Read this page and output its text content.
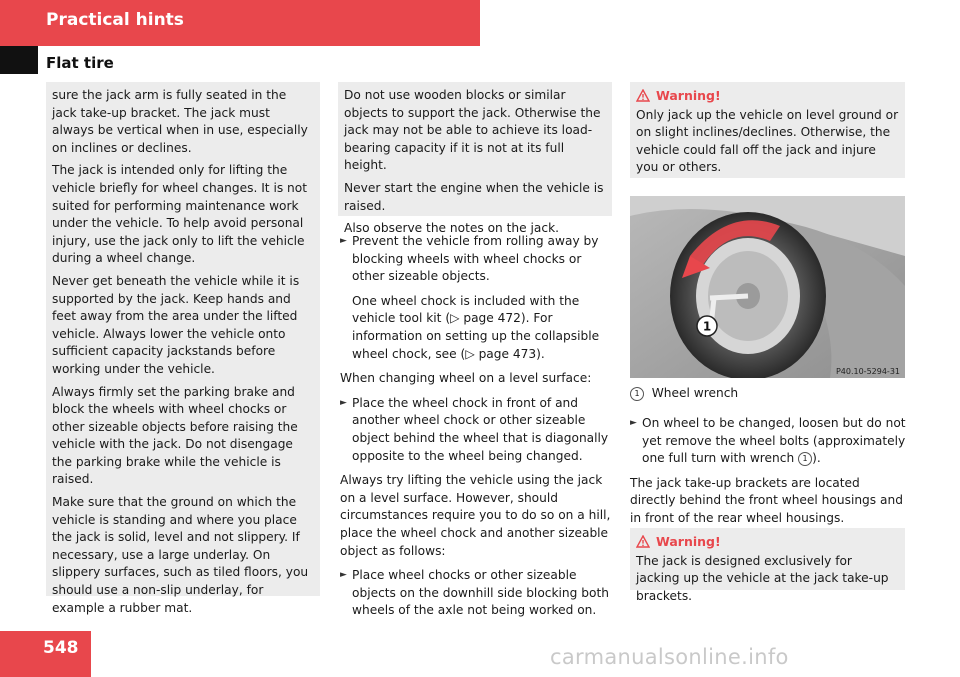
Practical hints
Flat tire

sure the jack arm is fully seated in the jack take-up bracket. The jack must always be vertical when in use, especially on inclines or declines.

The jack is intended only for lifting the vehicle briefly for wheel changes. It is not suited for performing maintenance work under the vehicle. To help avoid personal injury, use the jack only to lift the vehicle during a wheel change.

Never get beneath the vehicle while it is supported by the jack. Keep hands and feet away from the area under the lifted vehicle. Always lower the vehicle onto sufficient capacity jackstands before working under the vehicle.

Always firmly set the parking brake and block the wheels with wheel chocks or other sizeable objects before raising the vehicle with the jack. Do not disengage the parking brake while the vehicle is raised.

Make sure that the ground on which the vehicle is standing and where you place the jack is solid, level and not slippery. If necessary, use a large underlay. On slippery surfaces, such as tiled floors, you should use a non-slip underlay, for example a rubber mat.

Do not use wooden blocks or similar objects to support the jack. Otherwise the jack may not be able to achieve its load-bearing capacity if it is not at its full height.

Never start the engine when the vehicle is raised.

Also observe the notes on the jack.

► Prevent the vehicle from rolling away by blocking wheels with wheel chocks or other sizeable objects.
One wheel chock is included with the vehicle tool kit (▷ page 472). For information on setting up the collapsible wheel chock, see (▷ page 473).

When changing wheel on a level surface:

► Place the wheel chock in front of and another wheel chock or other sizeable object behind the wheel that is diagonally opposite to the wheel being changed.

Always try lifting the vehicle using the jack on a level surface. However, should circumstances require you to do so on a hill, place the wheel chock and another sizeable object as follows:

► Place wheel chocks or other sizeable objects on the downhill side blocking both wheels of the axle not being worked on.
Warning!

Only jack up the vehicle on level ground or on slight inclines/declines. Otherwise, the vehicle could fall off the jack and injure you or others.

1
P40.10-5294-31
1 Wheel wrench
► On wheel to be changed, loosen but do not yet remove the wheel bolts (approximately one full turn with wrench 1 ).

The jack take-up brackets are located directly behind the front wheel housings and in front of the rear wheel housings.

Warning!

The jack is designed exclusively for jacking up the vehicle at the jack take-up brackets.

548	carmanualsonline.info
